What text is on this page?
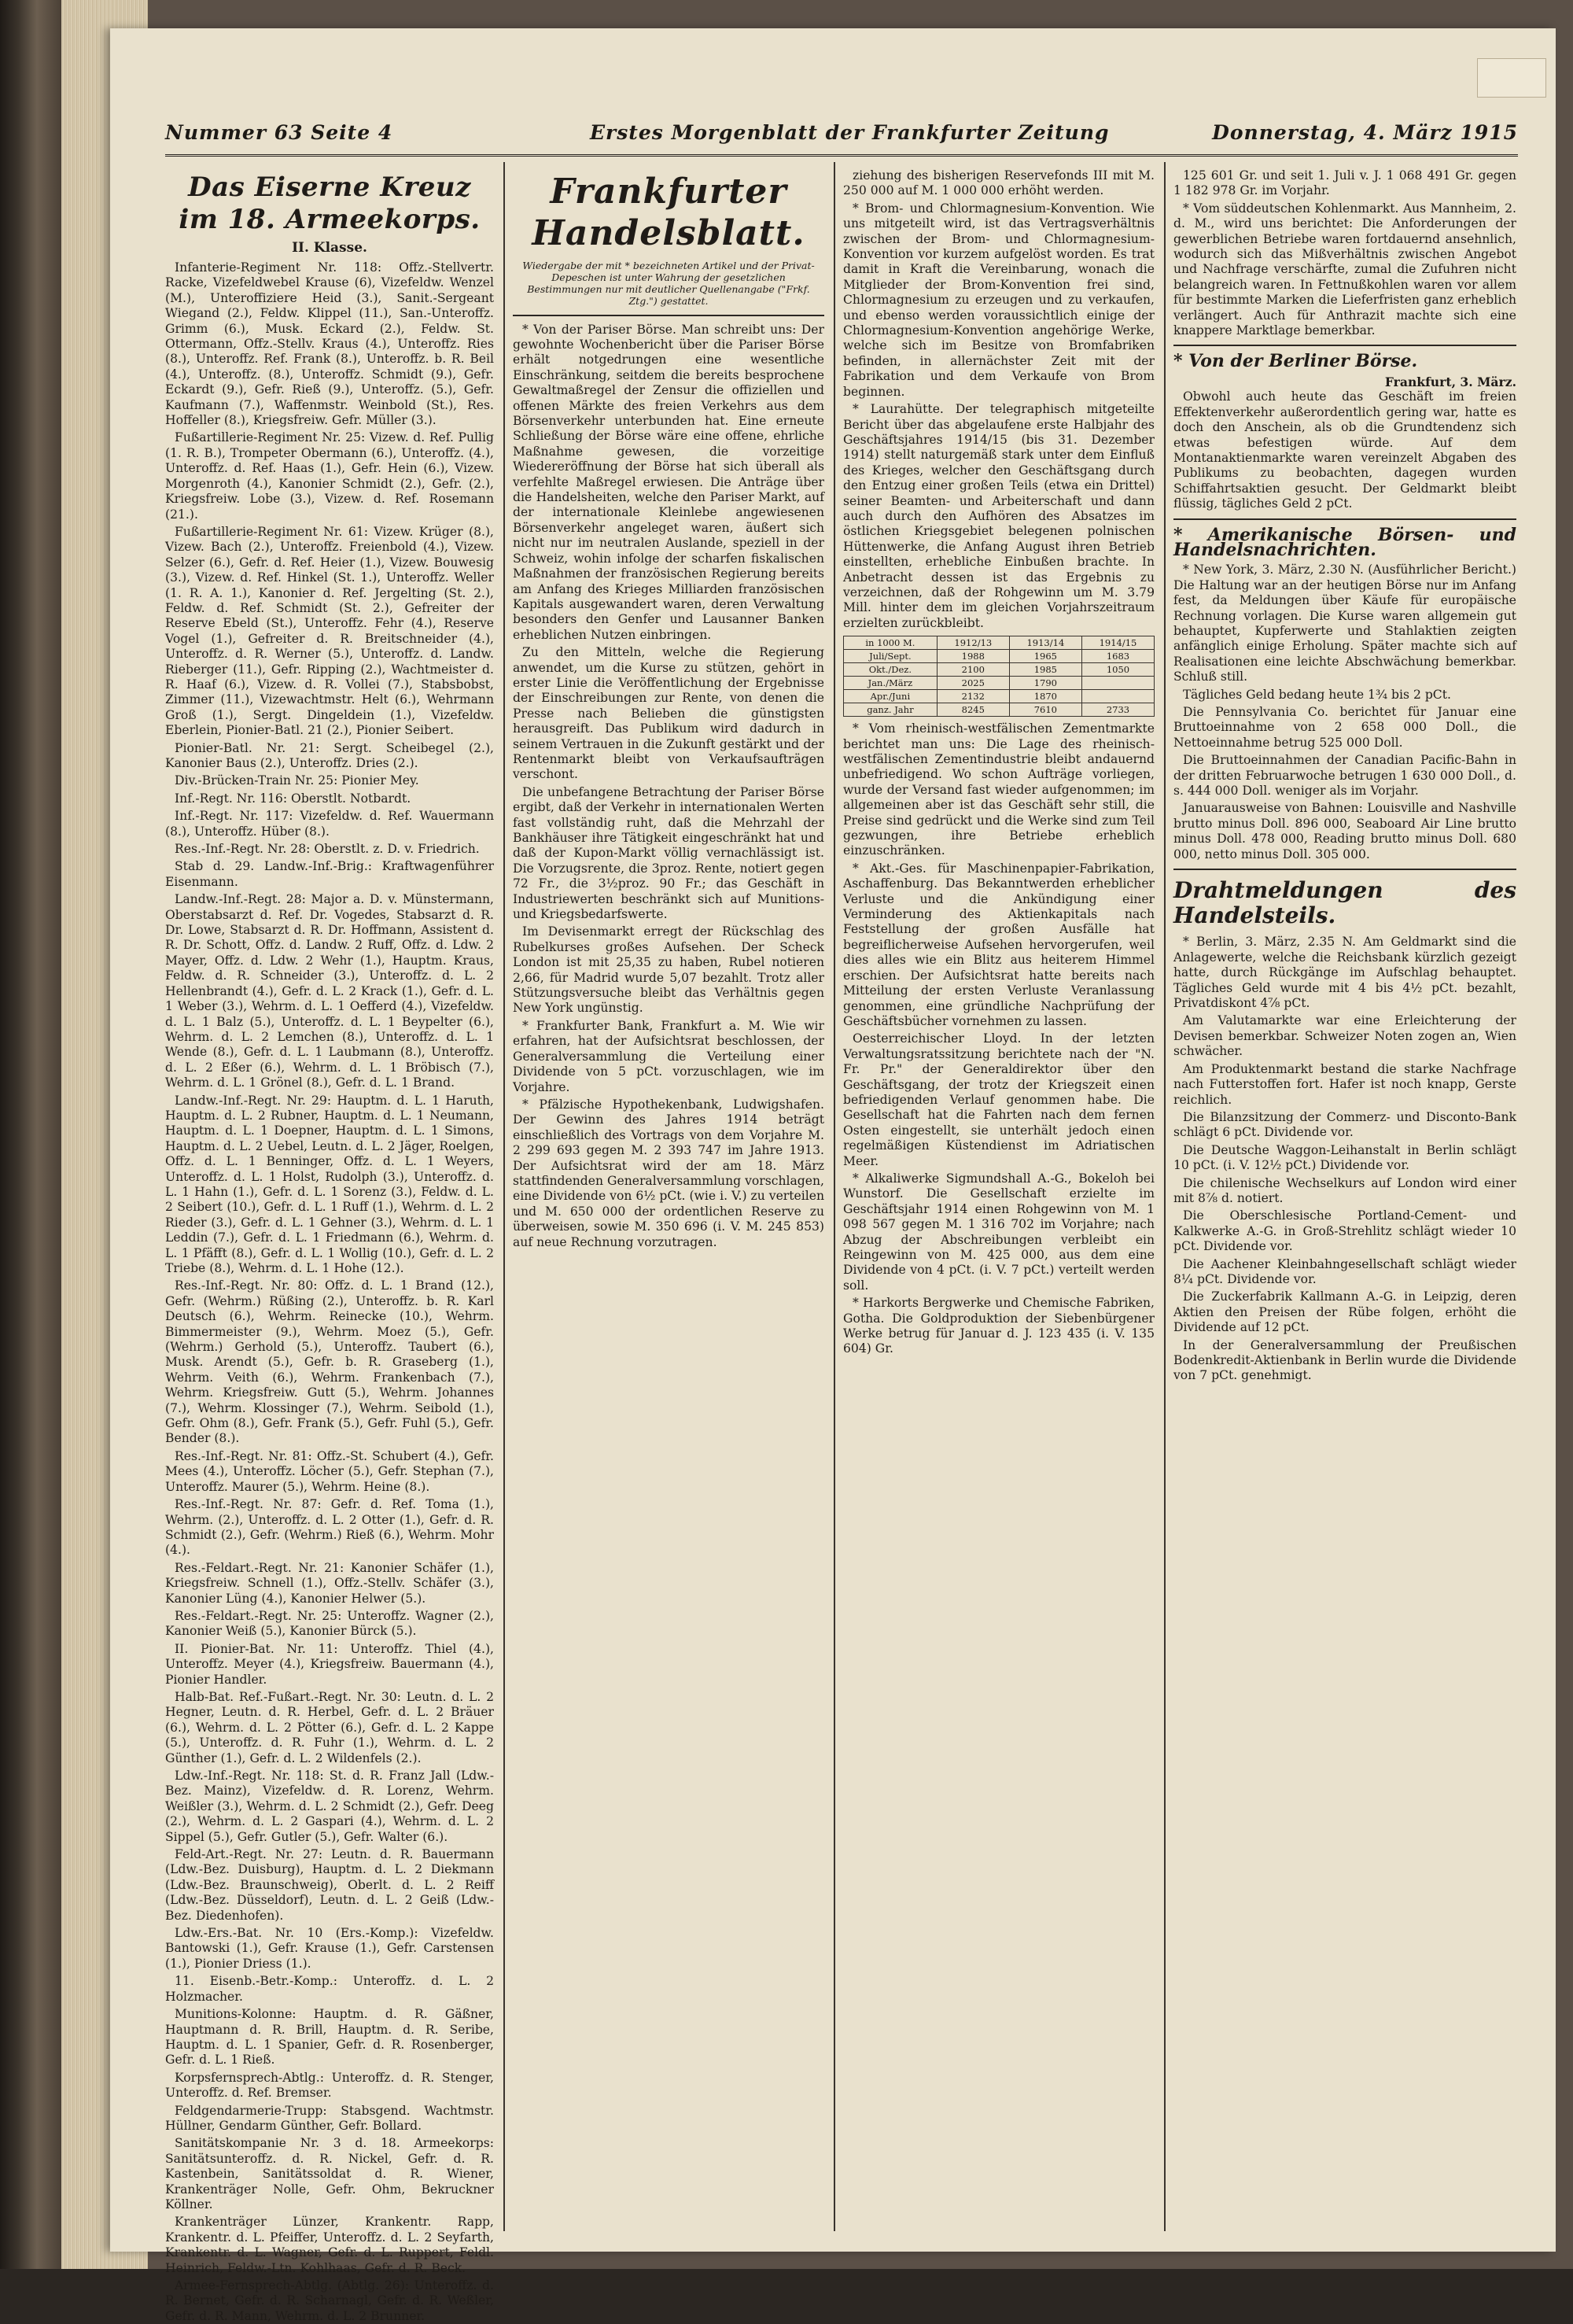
Nummer 63 Seite 4	Erstes Morgenblatt der Frankfurter Zeitung	Donnerstag, 4. März 1915
Das Eiserne Kreuz im 18. Armeekorps.
II. Klasse.

Infanterie-Regiment Nr. 118: Offz.-Stellvertr. Racke, Vizefeldwebel Krause (6), Vizefeldw. Wenzel (M.), Unteroffiziere Heid (3.), Sanit.-Sergeant Wiegand (2.), Feldw. Klippel (11.), San.-Unteroffz. Grimm (6.), Musk. Eckard (2.), Feldw. St. Ottermann, Offz.-Stellv. Kraus (4.), Unteroffz. Ries (8.), Unteroffz. Ref. Frank (8.), Unteroffz. b. R. Beil (4.), Unteroffz. (8.), Unteroffz. Schmidt (9.), Gefr. Eckardt (9.), Gefr. Rieß (9.), Unteroffz. (5.), Gefr. Kaufmann (7.), Waffenmstr. Weinbold (St.), Res. Hoffeller (8.), Kriegsfreiw. Gefr. Müller (3.).

Fußartillerie-Regiment Nr. 25: Vizew. d. Ref. Pullig (1. R. B.), Trompeter Obermann (6.), Unteroffz. (4.), Unteroffz. d. Ref. Haas (1.), Gefr. Hein (6.), Vizew. Morgenroth (4.), Kanonier Schmidt (2.), Gefr. (2.), Kriegsfreiw. Lobe (3.), Vizew. d. Ref. Rosemann (21.).

Fußartillerie-Regiment Nr. 61: Vizew. Krüger (8.), Vizew. Bach (2.), Unteroffz. Freienbold (4.), Vizew. Selzer (6.), Gefr. d. Ref. Heier (1.), Vizew. Bouwesig (3.), Vizew. d. Ref. Hinkel (St. 1.), Unteroffz. Weller (1. R. A. 1.), Kanonier d. Ref. Jergelting (St. 2.), Feldw. d. Ref. Schmidt (St. 2.), Gefreiter der Reserve Ebeld (St.), Unteroffz. Fehr (4.), Reserve Vogel (1.), Gefreiter d. R. Breitschneider (4.), Unteroffz. d. R. Werner (5.), Unteroffz. d. Landw. Rieberger (11.), Gefr. Ripping (2.), Wachtmeister d. R. Haaf (6.), Vizew. d. R. Vollei (7.), Stabsbobst, Zimmer (11.), Vizewachtmstr. Helt (6.), Wehrmann Groß (1.), Sergt. Dingeldein (1.), Vizefeldw. Eberlein, Pionier-Batl. 21 (2.), Pionier Seibert.

Pionier-Batl. Nr. 21: Sergt. Scheibegel (2.), Kanonier Baus (2.), Unteroffz. Dries (2.).

Div.-Brücken-Train Nr. 25: Pionier Mey.

Inf.-Regt. Nr. 116: Oberstlt. Notbardt.

Inf.-Regt. Nr. 117: Vizefeldw. d. Ref. Wauermann (8.), Unteroffz. Hüber (8.).

Res.-Inf.-Regt. Nr. 28: Oberstlt. z. D. v. Friedrich.

Stab d. 29. Landw.-Inf.-Brig.: Kraftwagenführer Eisenmann.

Landw.-Inf.-Regt. 28: Major a. D. v. Münstermann, Oberstabsarzt d. Ref. Dr. Vogedes, Stabsarzt d. R. Dr. Lowe, Stabsarzt d. R. Dr. Hoffmann, Assistent d. R. Dr. Schott, Offz. d. Landw. 2 Ruff, Offz. d. Ldw. 2 Mayer, Offz. d. Ldw. 2 Wehr (1.), Hauptm. Kraus, Feldw. d. R. Schneider (3.), Unteroffz. d. L. 2 Hellenbrandt (4.), Gefr. d. L. 2 Krack (1.), Gefr. d. L. 1 Weber (3.), Wehrm. d. L. 1 Oefferd (4.), Vizefeldw. d. L. 1 Balz (5.), Unteroffz. d. L. 1 Beypelter (6.), Wehrm. d. L. 2 Lemchen (8.), Unteroffz. d. L. 1 Wende (8.), Gefr. d. L. 1 Laubmann (8.), Unteroffz. d. L. 2 Eßer (6.), Wehrm. d. L. 1 Bröbisch (7.), Wehrm. d. L. 1 Grönel (8.), Gefr. d. L. 1 Brand.

Landw.-Inf.-Regt. Nr. 29: Hauptm. d. L. 1 Haruth, Hauptm. d. L. 2 Rubner, Hauptm. d. L. 1 Neumann, Hauptm. d. L. 1 Doepner, Hauptm. d. L. 1 Simons, Hauptm. d. L. 2 Uebel, Leutn. d. L. 2 Jäger, Roelgen, Offz. d. L. 1 Benninger, Offz. d. L. 1 Weyers, Unteroffz. d. L. 1 Holst, Rudolph (3.), Unteroffz. d. L. 1 Hahn (1.), Gefr. d. L. 1 Sorenz (3.), Feldw. d. L. 2 Seibert (10.), Gefr. d. L. 1 Ruff (1.), Wehrm. d. L. 2 Rieder (3.), Gefr. d. L. 1 Gehner (3.), Wehrm. d. L. 1 Leddin (7.), Gefr. d. L. 1 Friedmann (6.), Wehrm. d. L. 1 Pfäfft (8.), Gefr. d. L. 1 Wollig (10.), Gefr. d. L. 2 Triebe (8.), Wehrm. d. L. 1 Hohe (12.).

Res.-Inf.-Regt. Nr. 80: Offz. d. L. 1 Brand (12.), Gefr. (Wehrm.) Rüßing (2.), Unteroffz. b. R. Karl Deutsch (6.), Wehrm. Reinecke (10.), Wehrm. Bimmermeister (9.), Wehrm. Moez (5.), Gefr. (Wehrm.) Gerhold (5.), Unteroffz. Taubert (6.), Musk. Arendt (5.), Gefr. b. R. Graseberg (1.), Wehrm. Veith (6.), Wehrm. Frankenbach (7.), Wehrm. Kriegsfreiw. Gutt (5.), Wehrm. Johannes (7.), Wehrm. Klossinger (7.), Wehrm. Seibold (1.), Gefr. Ohm (8.), Gefr. Frank (5.), Gefr. Fuhl (5.), Gefr. Bender (8.).

Res.-Inf.-Regt. Nr. 81: Offz.-St. Schubert (4.), Gefr. Mees (4.), Unteroffz. Löcher (5.), Gefr. Stephan (7.), Unteroffz. Maurer (5.), Wehrm. Heine (8.).

Res.-Inf.-Regt. Nr. 87: Gefr. d. Ref. Toma (1.), Wehrm. (2.), Unteroffz. d. L. 2 Otter (1.), Gefr. d. R. Schmidt (2.), Gefr. (Wehrm.) Rieß (6.), Wehrm. Mohr (4.).

Res.-Feldart.-Regt. Nr. 21: Kanonier Schäfer (1.), Kriegsfreiw. Schnell (1.), Offz.-Stellv. Schäfer (3.), Kanonier Lüng (4.), Kanonier Helwer (5.).

Res.-Feldart.-Regt. Nr. 25: Unteroffz. Wagner (2.), Kanonier Weiß (5.), Kanonier Bürck (5.).

II. Pionier-Bat. Nr. 11: Unteroffz. Thiel (4.), Unteroffz. Meyer (4.), Kriegsfreiw. Bauermann (4.), Pionier Handler.

Halb-Bat. Ref.-Fußart.-Regt. Nr. 30: Leutn. d. L. 2 Hegner, Leutn. d. R. Herbel, Gefr. d. L. 2 Bräuer (6.), Wehrm. d. L. 2 Pötter (6.), Gefr. d. L. 2 Kappe (5.), Unteroffz. d. R. Fuhr (1.), Wehrm. d. L. 2 Günther (1.), Gefr. d. L. 2 Wildenfels (2.).

Ldw.-Inf.-Regt. Nr. 118: St. d. R. Franz Jall (Ldw.-Bez. Mainz), Vizefeldw. d. R. Lorenz, Wehrm. Weißler (3.), Wehrm. d. L. 2 Schmidt (2.), Gefr. Deeg (2.), Wehrm. d. L. 2 Gaspari (4.), Wehrm. d. L. 2 Sippel (5.), Gefr. Gutler (5.), Gefr. Walter (6.).

Feld-Art.-Regt. Nr. 27: Leutn. d. R. Bauermann (Ldw.-Bez. Duisburg), Hauptm. d. L. 2 Diekmann (Ldw.-Bez. Braunschweig), Oberlt. d. L. 2 Reiff (Ldw.-Bez. Düsseldorf), Leutn. d. L. 2 Geiß (Ldw.-Bez. Diedenhofen).

Ldw.-Ers.-Bat. Nr. 10 (Ers.-Komp.): Vizefeldw. Bantowski (1.), Gefr. Krause (1.), Gefr. Carstensen (1.), Pionier Driess (1.).

11. Eisenb.-Betr.-Komp.: Unteroffz. d. L. 2 Holzmacher.

Munitions-Kolonne: Hauptm. d. R. Gäßner, Hauptmann d. R. Brill, Hauptm. d. R. Seribe, Hauptm. d. L. 1 Spanier, Gefr. d. R. Rosenberger, Gefr. d. L. 1 Rieß.

Korpsfernsprech-Abtlg.: Unteroffz. d. R. Stenger, Unteroffz. d. Ref. Bremser.

Feldgendarmerie-Trupp: Stabsgend. Wachtmstr. Hüllner, Gendarm Günther, Gefr. Bollard.

Sanitätskompanie Nr. 3 d. 18. Armeekorps: Sanitätsunteroffz. d. R. Nickel, Gefr. d. R. Kastenbein, Sanitätssoldat d. R. Wiener, Krankenträger Nolle, Gefr. Ohm, Bekruckner Köllner.

Krankenträger Lünzer, Krankentr. Rapp, Krankentr. d. L. Pfeiffer, Unteroffz. d. L. 2 Seyfarth, Krankentr. d. L. Wagner, Gefr. d. L. Ruppert, Feldl. Heinrich, Feldw.-Ltn. Kohlhaas, Gefr. d. R. Beck.

Armee-Fernsprech-Abtlg. (Abtlg. 26): Unteroffz. d. R. Bernet, Gefr. d. R. Scharnagl, Gefr. d. R. Weßler, Gefr. d. R. Mann, Wehrm. d. L. 2 Brunner.

Frankfurter Handelsblatt.
Wiedergabe der mit * bezeichneten Artikel und der Privat-Depeschen ist unter Wahrung der gesetzlichen Bestimmungen nur mit deutlicher Quellenangabe ("Frkf. Ztg.") gestattet.

* Von der Pariser Börse. Man schreibt uns: Der gewohnte Wochenbericht über die Pariser Börse erhält notgedrungen eine wesentliche Einschränkung, seitdem die bereits besprochene Gewaltmaßregel der Zensur die offiziellen und offenen Märkte des freien Verkehrs aus dem Börsenverkehr unterbunden hat. Eine erneute Schließung der Börse wäre eine offene, ehrliche Maßnahme gewesen, die vorzeitige Wiedereröffnung der Börse hat sich überall als verfehlte Maßregel erwiesen. Die Anträge über die Handelsheiten, welche den Pariser Markt, auf der internationale Kleinlebe angewiesenen Börsenverkehr angeleget waren, äußert sich nicht nur im neutralen Auslande, speziell in der Schweiz, wohin infolge der scharfen fiskalischen Maßnahmen der französischen Regierung bereits am Anfang des Krieges Milliarden französischen Kapitals ausgewandert waren, deren Verwaltung besonders den Genfer und Lausanner Banken erheblichen Nutzen einbringen.

Zu den Mitteln, welche die Regierung anwendet, um die Kurse zu stützen, gehört in erster Linie die Veröffentlichung der Ergebnisse der Einschreibungen zur Rente, von denen die Presse nach Belieben die günstigsten herausgreift. Das Publikum wird dadurch in seinem Vertrauen in die Zukunft gestärkt und der Rentenmarkt bleibt von Verkaufsaufträgen verschont.

Die unbefangene Betrachtung der Pariser Börse ergibt, daß der Verkehr in internationalen Werten fast vollständig ruht, daß die Mehrzahl der Bankhäuser ihre Tätigkeit eingeschränkt hat und daß der Kupon-Markt völlig vernachlässigt ist. Die Vorzugsrente, die 3proz. Rente, notiert gegen 72 Fr., die 3½proz. 90 Fr.; das Geschäft in Industriewerten beschränkt sich auf Munitions- und Kriegsbedarfswerte.

Im Devisenmarkt erregt der Rückschlag des Rubelkurses großes Aufsehen. Der Scheck London ist mit 25,35 zu haben, Rubel notieren 2,66, für Madrid wurde 5,07 bezahlt. Trotz aller Stützungsversuche bleibt das Verhältnis gegen New York ungünstig.

* Frankfurter Bank, Frankfurt a. M. Wie wir erfahren, hat der Aufsichtsrat beschlossen, der Generalversammlung die Verteilung einer Dividende von 5 pCt. vorzuschlagen, wie im Vorjahre.

* Pfälzische Hypothekenbank, Ludwigshafen. Der Gewinn des Jahres 1914 beträgt einschließlich des Vortrags von dem Vorjahre M. 2 299 693 gegen M. 2 393 747 im Jahre 1913. Der Aufsichtsrat wird der am 18. März stattfindenden Generalversammlung vorschlagen, eine Dividende von 6½ pCt. (wie i. V.) zu verteilen und M. 650 000 der ordentlichen Reserve zu überweisen, sowie M. 350 696 (i. V. M. 245 853) auf neue Rechnung vorzutragen.

ziehung des bisherigen Reservefonds III mit M. 250 000 auf M. 1 000 000 erhöht werden.

* Brom- und Chlormagnesium-Konvention. Wie uns mitgeteilt wird, ist das Vertragsverhältnis zwischen der Brom- und Chlormagnesium-Konvention vor kurzem aufgelöst worden. Es trat damit in Kraft die Vereinbarung, wonach die Mitglieder der Brom-Konvention frei sind, Chlormagnesium zu erzeugen und zu verkaufen, und ebenso werden voraussichtlich einige der Chlormagnesium-Konvention angehörige Werke, welche sich im Besitze von Bromfabriken befinden, in allernächster Zeit mit der Fabrikation und dem Verkaufe von Brom beginnen.

* Laurahütte. Der telegraphisch mitgeteilte Bericht über das abgelaufene erste Halbjahr des Geschäftsjahres 1914/15 (bis 31. Dezember 1914) stellt naturgemäß stark unter dem Einfluß des Krieges, welcher den Geschäftsgang durch den Entzug einer großen Teils (etwa ein Drittel) seiner Beamten- und Arbeiterschaft und dann auch durch den Aufhören des Absatzes im östlichen Kriegsgebiet belegenen polnischen Hüttenwerke, die Anfang August ihren Betrieb einstellten, erhebliche Einbußen brachte. In Anbetracht dessen ist das Ergebnis zu verzeichnen, daß der Rohgewinn um M. 3.79 Mill. hinter dem im gleichen Vorjahrszeitraum erzielten zurückbleibt.

in 1000 M.	1912/13	1913/14	1914/15
Juli/Sept.	1988	1965	1683
Okt./Dez.	2100	1985	1050
Jan./März	2025	1790	
Apr./Juni	2132	1870	
ganz. Jahr	8245	7610	2733

* Vom rheinisch-westfälischen Zementmarkte berichtet man uns: Die Lage des rheinisch-westfälischen Zementindustrie bleibt andauernd unbefriedigend. Wo schon Aufträge vorliegen, wurde der Versand fast wieder aufgenommen; im allgemeinen aber ist das Geschäft sehr still, die Preise sind gedrückt und die Werke sind zum Teil gezwungen, ihre Betriebe erheblich einzuschränken.

* Akt.-Ges. für Maschinenpapier-Fabrikation, Aschaffenburg. Das Bekanntwerden erheblicher Verluste und die Ankündigung einer Verminderung des Aktienkapitals nach Feststellung der großen Ausfälle hat begreiflicherweise Aufsehen hervorgerufen, weil dies alles wie ein Blitz aus heiterem Himmel erschien. Der Aufsichtsrat hatte bereits nach Mitteilung der ersten Verluste Veranlassung genommen, eine gründliche Nachprüfung der Geschäftsbücher vornehmen zu lassen.

Oesterreichischer Lloyd. In der letzten Verwaltungsratssitzung berichtete nach der "N. Fr. Pr." der Generaldirektor über den Geschäftsgang, der trotz der Kriegszeit einen befriedigenden Verlauf genommen habe. Die Gesellschaft hat die Fahrten nach dem fernen Osten eingestellt, sie unterhält jedoch einen regelmäßigen Küstendienst im Adriatischen Meer.

* Alkaliwerke Sigmundshall A.-G., Bokeloh bei Wunstorf. Die Gesellschaft erzielte im Geschäftsjahr 1914 einen Rohgewinn von M. 1 098 567 gegen M. 1 316 702 im Vorjahre; nach Abzug der Abschreibungen verbleibt ein Reingewinn von M. 425 000, aus dem eine Dividende von 4 pCt. (i. V. 7 pCt.) verteilt werden soll.

* Harkorts Bergwerke und Chemische Fabriken, Gotha. Die Goldproduktion der Siebenbürgener Werke betrug für Januar d. J. 123 435 (i. V. 135 604) Gr.

125 601 Gr. und seit 1. Juli v. J. 1 068 491 Gr. gegen 1 182 978 Gr. im Vorjahr.

* Vom süddeutschen Kohlenmarkt. Aus Mannheim, 2. d. M., wird uns berichtet: Die Anforderungen der gewerblichen Betriebe waren fortdauernd ansehnlich, wodurch sich das Mißverhältnis zwischen Angebot und Nachfrage verschärfte, zumal die Zufuhren nicht belangreich waren. In Fettnußkohlen waren vor allem für bestimmte Marken die Lieferfristen ganz erheblich verlängert. Auch für Anthrazit machte sich eine knappere Marktlage bemerkbar.

* Von der Berliner Börse.
Frankfurt, 3. März.

Obwohl auch heute das Geschäft im freien Effektenverkehr außerordentlich gering war, hatte es doch den Anschein, als ob die Grundtendenz sich etwas befestigen würde. Auf dem Montanaktienmarkte waren vereinzelt Abgaben des Publikums zu beobachten, dagegen wurden Schiffahrtsaktien gesucht. Der Geldmarkt bleibt flüssig, tägliches Geld 2 pCt.

* Amerikanische Börsen- und Handelsnachrichten.

* New York, 3. März, 2.30 N. (Ausführlicher Bericht.) Die Haltung war an der heutigen Börse nur im Anfang fest, da Meldungen über Käufe für europäische Rechnung vorlagen. Die Kurse waren allgemein gut behauptet, Kupferwerte und Stahlaktien zeigten anfänglich einige Erholung. Später machte sich auf Realisationen eine leichte Abschwächung bemerkbar. Schluß still.

Tägliches Geld bedang heute 1¾ bis 2 pCt.

Die Pennsylvania Co. berichtet für Januar eine Bruttoeinnahme von 2 658 000 Doll., die Nettoeinnahme betrug 525 000 Doll.

Die Bruttoeinnahmen der Canadian Pacific-Bahn in der dritten Februarwoche betrugen 1 630 000 Doll., d. s. 444 000 Doll. weniger als im Vorjahr.

Januarausweise von Bahnen: Louisville and Nashville brutto minus Doll. 896 000, Seaboard Air Line brutto minus Doll. 478 000, Reading brutto minus Doll. 680 000, netto minus Doll. 305 000.

Drahtmeldungen des Handelsteils.

* Berlin, 3. März, 2.35 N. Am Geldmarkt sind die Anlagewerte, welche die Reichsbank kürzlich gezeigt hatte, durch Rückgänge im Aufschlag behauptet. Tägliches Geld wurde mit 4 bis 4½ pCt. bezahlt, Privatdiskont 4⅞ pCt.

Am Valutamarkte war eine Erleichterung der Devisen bemerkbar. Schweizer Noten zogen an, Wien schwächer.

Am Produktenmarkt bestand die starke Nachfrage nach Futterstoffen fort. Hafer ist noch knapp, Gerste reichlich.

Die Bilanzsitzung der Commerz- und Disconto-Bank schlägt 6 pCt. Dividende vor.

Die Deutsche Waggon-Leihanstalt in Berlin schlägt 10 pCt. (i. V. 12½ pCt.) Dividende vor.

Die chilenische Wechselkurs auf London wird einer mit 8⅞ d. notiert.

Die Oberschlesische Portland-Cement- und Kalkwerke A.-G. in Groß-Strehlitz schlägt wieder 10 pCt. Dividende vor.

Die Aachener Kleinbahngesellschaft schlägt wieder 8¼ pCt. Dividende vor.

Die Zuckerfabrik Kallmann A.-G. in Leipzig, deren Aktien den Preisen der Rübe folgen, erhöht die Dividende auf 12 pCt.

In der Generalversammlung der Preußischen Bodenkredit-Aktienbank in Berlin wurde die Dividende von 7 pCt. genehmigt.
